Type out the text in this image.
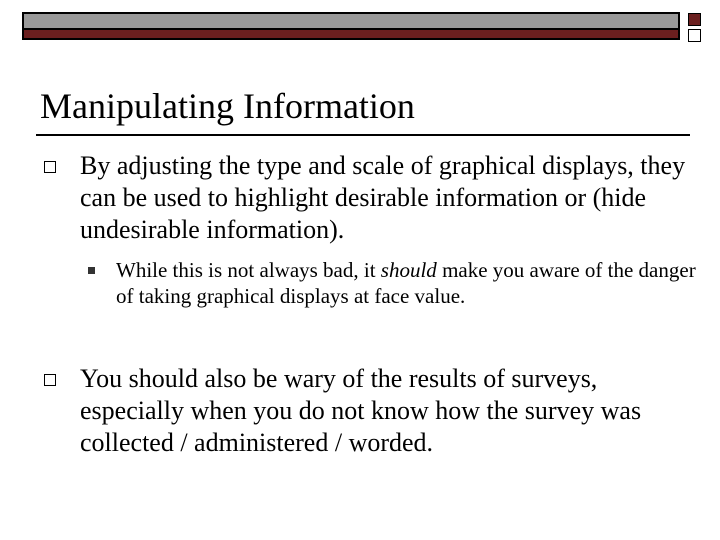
Manipulating Information

By adjusting the type and scale of graphical displays, they can be used to highlight desirable information or (hide undesirable information).

While this is not always bad, it should make you aware of the danger of taking graphical displays at face value.

You should also be wary of the results of surveys, especially when you do not know how the survey was collected / administered / worded.
